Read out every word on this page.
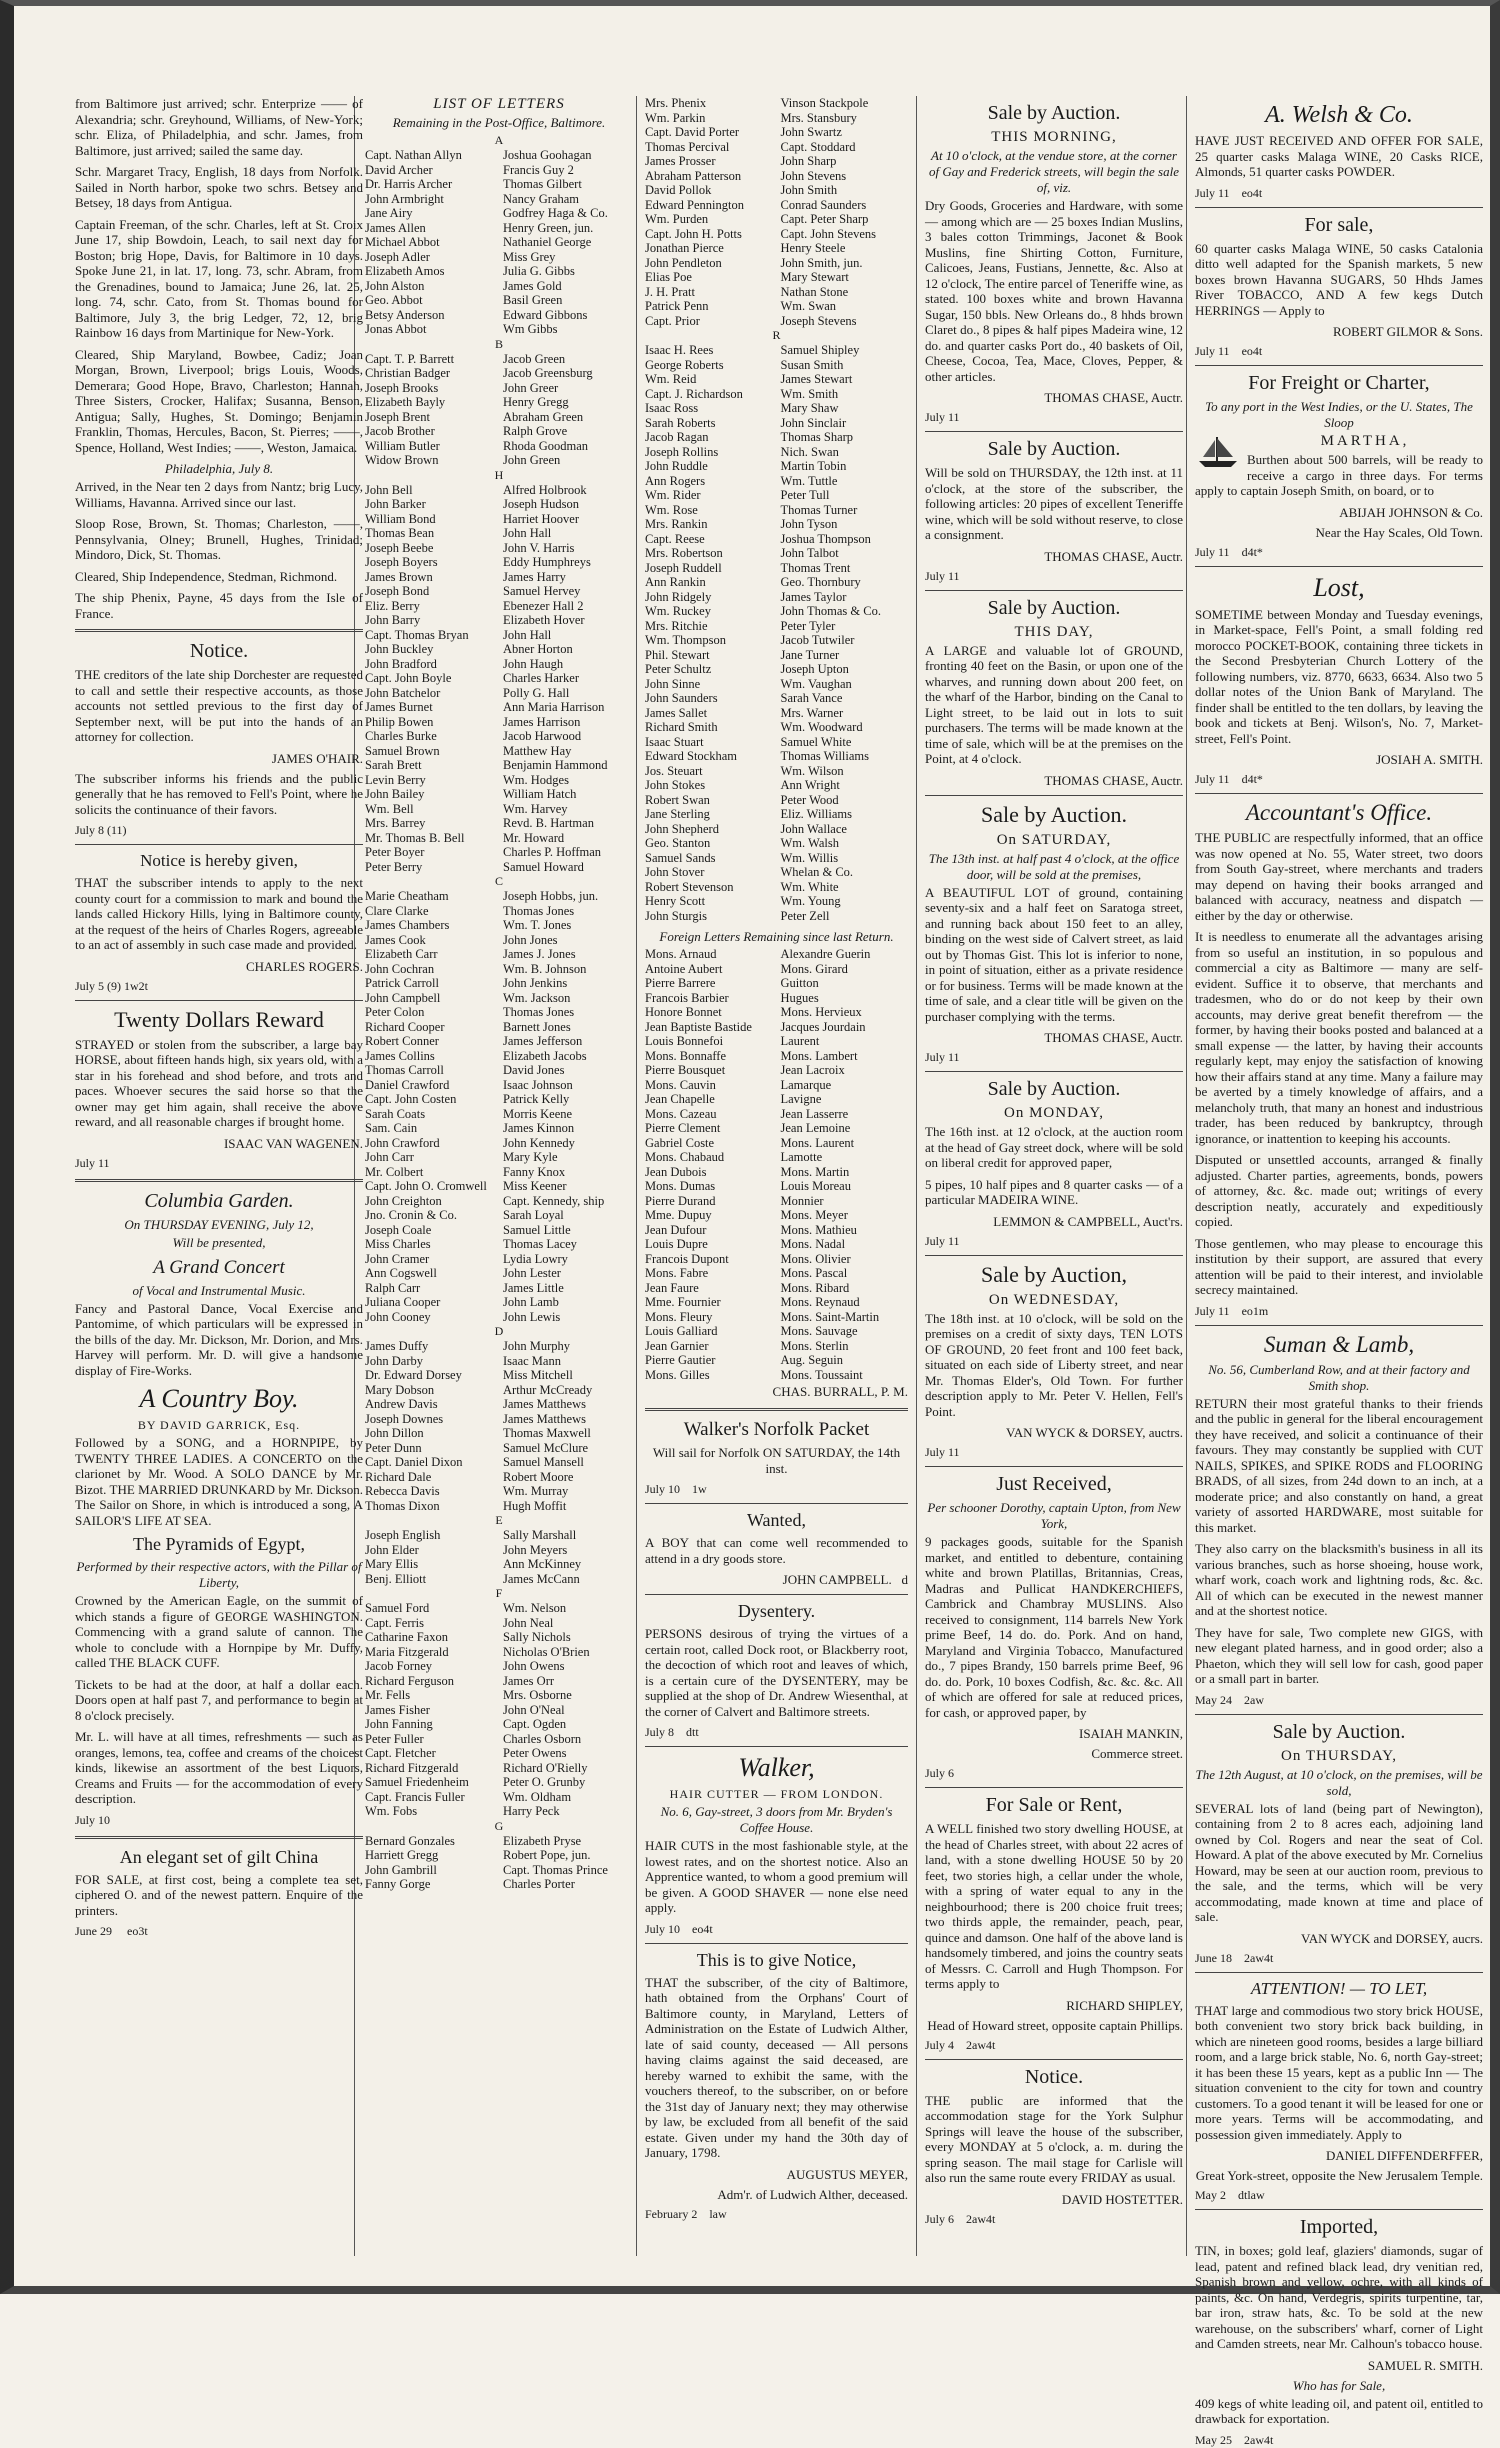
from Baltimore just arrived; schr. Enterprize —— of Alexandria; schr. Greyhound, Williams, of New-York; schr. Eliza, of Philadelphia, and schr. James, from Baltimore, just arrived; sailed the same day.

Schr. Margaret Tracy, English, 18 days from Norfolk. Sailed in North harbor, spoke two schrs. Betsey and Betsey, 18 days from Antigua.

Captain Freeman, of the schr. Charles, left at St. Croix June 17, ship Bowdoin, Leach, to sail next day for Boston; brig Hope, Davis, for Baltimore in 10 days. Spoke June 21, in lat. 17, long. 73, schr. Abram, from the Grenadines, bound to Jamaica; June 26, lat. 25, long. 74, schr. Cato, from St. Thomas bound for Baltimore, July 3, the brig Ledger, 72, 12, brig Rainbow 16 days from Martinique for New-York.

Cleared, Ship Maryland, Bowbee, Cadiz; Joan Morgan, Brown, Liverpool; brigs Louis, Woods, Demerara; Good Hope, Bravo, Charleston; Hannah, Three Sisters, Crocker, Halifax; Susanna, Benson, Antigua; Sally, Hughes, St. Domingo; Benjamin Franklin, Thomas, Hercules, Bacon, St. Pierres; ——, Spence, Holland, West Indies; ——, Weston, Jamaica.

Philadelphia, July 8.

Arrived, in the Near ten 2 days from Nantz; brig Lucy, Williams, Havanna. Arrived since our last.

Sloop Rose, Brown, St. Thomas; Charleston, ——, Pennsylvania, Olney; Brunell, Hughes, Trinidad; Mindoro, Dick, St. Thomas.

Cleared, Ship Independence, Stedman, Richmond.

The ship Phenix, Payne, 45 days from the Isle of France.

Notice.

THE creditors of the late ship Dorchester are requested to call and settle their respective accounts, as those accounts not settled previous to the first day of September next, will be put into the hands of an attorney for collection.

JAMES O'HAIR.

The subscriber informs his friends and the public generally that he has removed to Fell's Point, where he solicits the continuance of their favors.

July 8 (11)
Notice is hereby given,

THAT the subscriber intends to apply to the next county court for a commission to mark and bound the lands called Hickory Hills, lying in Baltimore county, at the request of the heirs of Charles Rogers, agreeable to an act of assembly in such case made and provided.

CHARLES ROGERS.
July 5 (9) 1w2t
Twenty Dollars Reward

STRAYED or stolen from the subscriber, a large bay HORSE, about fifteen hands high, six years old, with a star in his forehead and shod before, and trots and paces. Whoever secures the said horse so that the owner may get him again, shall receive the above reward, and all reasonable charges if brought home.

ISAAC VAN WAGENEN.
July 11
Columbia Garden.
On THURSDAY EVENING, July 12,
Will be presented,
A Grand Concert
of Vocal and Instrumental Music.

Fancy and Pastoral Dance, Vocal Exercise and Pantomime, of which particulars will be expressed in the bills of the day. Mr. Dickson, Mr. Dorion, and Mrs. Harvey will perform. Mr. D. will give a handsome display of Fire-Works.

A Country Boy.
BY DAVID GARRICK, Esq.

Followed by a SONG, and a HORNPIPE, by TWENTY THREE LADIES. A CONCERTO on the clarionet by Mr. Wood. A SOLO DANCE by Mr. Bizot. THE MARRIED DRUNKARD by Mr. Dickson. The Sailor on Shore, in which is introduced a song, A SAILOR'S LIFE AT SEA.

The Pyramids of Egypt,
Performed by their respective actors, with the Pillar of Liberty,

Crowned by the American Eagle, on the summit of which stands a figure of GEORGE WASHINGTON. Commencing with a grand salute of cannon. The whole to conclude with a Hornpipe by Mr. Duffy, called THE BLACK CUFF.

Tickets to be had at the door, at half a dollar each. Doors open at half past 7, and performance to begin at 8 o'clock precisely.

Mr. L. will have at all times, refreshments — such as oranges, lemons, tea, coffee and creams of the choicest kinds, likewise an assortment of the best Liquors, Creams and Fruits — for the accommodation of every description.

July 10
An elegant set of gilt China

FOR SALE, at first cost, being a complete tea set, ciphered O. and of the newest pattern. Enquire of the printers.

June 29 eo3t
LIST OF LETTERS
Remaining in the Post-Office, Baltimore.
A
Capt. Nathan Allyn	Joshua Goohagan
David Archer	Francis Guy 2
Dr. Harris Archer	Thomas Gilbert
John Armbright	Nancy Graham
Jane Airy	Godfrey Haga & Co.
James Allen	Henry Green, jun.
Michael Abbot	Nathaniel George
Joseph Adler	Miss Grey
Elizabeth Amos	Julia G. Gibbs
John Alston	James Gold
Geo. Abbot	Basil Green
Betsy Anderson	Edward Gibbons
Jonas Abbot	Wm Gibbs
B
Capt. T. P. Barrett	Jacob Green
Christian Badger	Jacob Greensburg
Joseph Brooks	John Greer
Elizabeth Bayly	Henry Gregg
Joseph Brent	Abraham Green
Jacob Brother	Ralph Grove
William Butler	Rhoda Goodman
Widow Brown	John Green
H
John Bell	Alfred Holbrook
John Barker	Joseph Hudson
William Bond	Harriet Hoover
Thomas Bean	John Hall
Joseph Beebe	John V. Harris
Joseph Boyers	Eddy Humphreys
James Brown	James Harry
Joseph Bond	Samuel Hervey
Eliz. Berry	Ebenezer Hall 2
John Barry	Elizabeth Hover
Capt. Thomas Bryan	John Hall
John Buckley	Abner Horton
John Bradford	John Haugh
Capt. John Boyle	Charles Harker
John Batchelor	Polly G. Hall
James Burnet	Ann Maria Harrison
Philip Bowen	James Harrison
Charles Burke	Jacob Harwood
Samuel Brown	Matthew Hay
Sarah Brett	Benjamin Hammond
Levin Berry	Wm. Hodges
John Bailey	William Hatch
Wm. Bell	Wm. Harvey
Mrs. Barrey	Revd. B. Hartman
Mr. Thomas B. Bell	Mr. Howard
Peter Boyer	Charles P. Hoffman
Peter Berry	Samuel Howard
C
Marie Cheatham	Joseph Hobbs, jun.
Clare Clarke	Thomas Jones
James Chambers	Wm. T. Jones
James Cook	John Jones
Elizabeth Carr	James J. Jones
John Cochran	Wm. B. Johnson
Patrick Carroll	John Jenkins
John Campbell	Wm. Jackson
Peter Colon	Thomas Jones
Richard Cooper	Barnett Jones
Robert Conner	James Jefferson
James Collins	Elizabeth Jacobs
Thomas Carroll	David Jones
Daniel Crawford	Isaac Johnson
Capt. John Costen	Patrick Kelly
Sarah Coats	Morris Keene
Sam. Cain	James Kinnon
John Crawford	John Kennedy
John Carr	Mary Kyle
Mr. Colbert	Fanny Knox
Capt. John O. Cromwell	Miss Keener
John Creighton	Capt. Kennedy, ship
Jno. Cronin & Co.	Sarah Loyal
Joseph Coale	Samuel Little
Miss Charles	Thomas Lacey
John Cramer	Lydia Lowry
Ann Cogswell	John Lester
Ralph Carr	James Little
Juliana Cooper	John Lamb
John Cooney	John Lewis
D
James Duffy	John Murphy
John Darby	Isaac Mann
Dr. Edward Dorsey	Miss Mitchell
Mary Dobson	Arthur McCready
Andrew Davis	James Matthews
Joseph Downes	James Matthews
John Dillon	Thomas Maxwell
Peter Dunn	Samuel McClure
Capt. Daniel Dixon	Samuel Mansell
Richard Dale	Robert Moore
Rebecca Davis	Wm. Murray
Thomas Dixon	Hugh Moffit
E
Joseph English	Sally Marshall
John Elder	John Meyers
Mary Ellis	Ann McKinney
Benj. Elliott	James McCann
F
Samuel Ford	Wm. Nelson
Capt. Ferris	John Neal
Catharine Faxon	Sally Nichols
Maria Fitzgerald	Nicholas O'Brien
Jacob Forney	John Owens
Richard Ferguson	James Orr
Mr. Fells	Mrs. Osborne
James Fisher	John O'Neal
John Fanning	Capt. Ogden
Peter Fuller	Charles Osborn
Capt. Fletcher	Peter Owens
Richard Fitzgerald	Richard O'Rielly
Samuel Friedenheim	Peter O. Grunby
Capt. Francis Fuller	Wm. Oldham
Wm. Fobs	Harry Peck
G
Bernard Gonzales	Elizabeth Pryse
Harriett Gregg	Robert Pope, jun.
John Gambrill	Capt. Thomas Prince
Fanny Gorge	Charles Porter
Mrs. Phenix	Vinson Stackpole
Wm. Parkin	Mrs. Stansbury
Capt. David Porter	John Swartz
Thomas Percival	Capt. Stoddard
James Prosser	John Sharp
Abraham Patterson	John Stevens
David Pollok	John Smith
Edward Pennington	Conrad Saunders
Wm. Purden	Capt. Peter Sharp
Capt. John H. Potts	Capt. John Stevens
Jonathan Pierce	Henry Steele
John Pendleton	John Smith, jun.
Elias Poe	Mary Stewart
J. H. Pratt	Nathan Stone
Patrick Penn	Wm. Swan
Capt. Prior	Joseph Stevens
R
Isaac H. Rees	Samuel Shipley
George Roberts	Susan Smith
Wm. Reid	James Stewart
Capt. J. Richardson	Wm. Smith
Isaac Ross	Mary Shaw
Sarah Roberts	John Sinclair
Jacob Ragan	Thomas Sharp
Joseph Rollins	Nich. Swan
John Ruddle	Martin Tobin
Ann Rogers	Wm. Tuttle
Wm. Rider	Peter Tull
Wm. Rose	Thomas Turner
Mrs. Rankin	John Tyson
Capt. Reese	Joshua Thompson
Mrs. Robertson	John Talbot
Joseph Ruddell	Thomas Trent
Ann Rankin	Geo. Thornbury
John Ridgely	James Taylor
Wm. Ruckey	John Thomas & Co.
Mrs. Ritchie	Peter Tyler
Wm. Thompson	Jacob Tutwiler
Phil. Stewart	Jane Turner
Peter Schultz	Joseph Upton
John Sinne	Wm. Vaughan
John Saunders	Sarah Vance
James Sallet	Mrs. Warner
Richard Smith	Wm. Woodward
Isaac Stuart	Samuel White
Edward Stockham	Thomas Williams
Jos. Steuart	Wm. Wilson
John Stokes	Ann Wright
Robert Swan	Peter Wood
Jane Sterling	Eliz. Williams
John Shepherd	John Wallace
Geo. Stanton	Wm. Walsh
Samuel Sands	Wm. Willis
John Stover	Whelan & Co.
Robert Stevenson	Wm. White
Henry Scott	Wm. Young
John Sturgis	Peter Zell
Foreign Letters Remaining since last Return.
Mons. Arnaud	Alexandre Guerin
Antoine Aubert	Mons. Girard
Pierre Barrere	Guitton
Francois Barbier	Hugues
Honore Bonnet	Mons. Hervieux
Jean Baptiste Bastide	Jacques Jourdain
Louis Bonnefoi	Laurent
Mons. Bonnaffe	Mons. Lambert
Pierre Bousquet	Jean Lacroix
Mons. Cauvin	Lamarque
Jean Chapelle	Lavigne
Mons. Cazeau	Jean Lasserre
Pierre Clement	Jean Lemoine
Gabriel Coste	Mons. Laurent
Mons. Chabaud	Lamotte
Jean Dubois	Mons. Martin
Mons. Dumas	Louis Moreau
Pierre Durand	Monnier
Mme. Dupuy	Mons. Meyer
Jean Dufour	Mons. Mathieu
Louis Dupre	Mons. Nadal
Francois Dupont	Mons. Olivier
Mons. Fabre	Mons. Pascal
Jean Faure	Mons. Ribard
Mme. Fournier	Mons. Reynaud
Mons. Fleury	Mons. Saint-Martin
Louis Galliard	Mons. Sauvage
Jean Garnier	Mons. Sterlin
Pierre Gautier	Aug. Seguin
Mons. Gilles	Mons. Toussaint
CHAS. BURRALL, P. M.
Walker's Norfolk Packet

Will sail for Norfolk ON SATURDAY, the 14th inst.

July 10 1w
Wanted,

A BOY that can come well recommended to attend in a dry goods store.

JOHN CAMPBELL. d
Dysentery.

PERSONS desirous of trying the virtues of a certain root, called Dock root, or Blackberry root, the decoction of which root and leaves of which, is a certain cure of the DYSENTERY, may be supplied at the shop of Dr. Andrew Wiesenthal, at the corner of Calvert and Baltimore streets.

July 8 dtt
Walker,
HAIR CUTTER — FROM LONDON.
No. 6, Gay-street, 3 doors from Mr. Bryden's Coffee House.

HAIR CUTS in the most fashionable style, at the lowest rates, and on the shortest notice. Also an Apprentice wanted, to whom a good premium will be given. A GOOD SHAVER — none else need apply.

July 10 eo4t
This is to give Notice,

THAT the subscriber, of the city of Baltimore, hath obtained from the Orphans' Court of Baltimore county, in Maryland, Letters of Administration on the Estate of Ludwich Alther, late of said county, deceased — All persons having claims against the said deceased, are hereby warned to exhibit the same, with the vouchers thereof, to the subscriber, on or before the 31st day of January next; they may otherwise by law, be excluded from all benefit of the said estate. Given under my hand the 30th day of January, 1798.

AUGUSTUS MEYER,
Adm'r. of Ludwich Alther, deceased.
February 2 law
Sale by Auction.
THIS MORNING,
At 10 o'clock, at the vendue store, at the corner of Gay and Frederick streets, will begin the sale of, viz.

Dry Goods, Groceries and Hardware, with some — among which are — 25 boxes Indian Muslins, 3 bales cotton Trimmings, Jaconet & Book Muslins, fine Shirting Cotton, Furniture, Calicoes, Jeans, Fustians, Jennette, &c. Also at 12 o'clock, The entire parcel of Teneriffe wine, as stated. 100 boxes white and brown Havanna Sugar, 150 bbls. New Orleans do., 8 hhds brown Claret do., 8 pipes & half pipes Madeira wine, 12 do. and quarter casks Port do., 40 baskets of Oil, Cheese, Cocoa, Tea, Mace, Cloves, Pepper, & other articles.

THOMAS CHASE, Auctr.
July 11
Sale by Auction.

Will be sold on THURSDAY, the 12th inst. at 11 o'clock, at the store of the subscriber, the following articles: 20 pipes of excellent Teneriffe wine, which will be sold without reserve, to close a consignment.

THOMAS CHASE, Auctr.
July 11
Sale by Auction.
THIS DAY,

A LARGE and valuable lot of GROUND, fronting 40 feet on the Basin, or upon one of the wharves, and running down about 200 feet, on the wharf of the Harbor, binding on the Canal to Light street, to be laid out in lots to suit purchasers. The terms will be made known at the time of sale, which will be at the premises on the Point, at 4 o'clock.

THOMAS CHASE, Auctr.
Sale by Auction.
On SATURDAY,
The 13th inst. at half past 4 o'clock, at the office door, will be sold at the premises,

A BEAUTIFUL LOT of ground, containing seventy-six and a half feet on Saratoga street, and running back about 150 feet to an alley, binding on the west side of Calvert street, as laid out by Thomas Gist. This lot is inferior to none, in point of situation, either as a private residence or for business. Terms will be made known at the time of sale, and a clear title will be given on the purchaser complying with the terms.

THOMAS CHASE, Auctr.
July 11
Sale by Auction.
On MONDAY,

The 16th inst. at 12 o'clock, at the auction room at the head of Gay street dock, where will be sold on liberal credit for approved paper,

5 pipes, 10 half pipes and 8 quarter casks — of a particular MADEIRA WINE.

LEMMON & CAMPBELL, Auct'rs.
July 11
Sale by Auction,
On WEDNESDAY,

The 18th inst. at 10 o'clock, will be sold on the premises on a credit of sixty days, TEN LOTS OF GROUND, 20 feet front and 100 feet back, situated on each side of Liberty street, and near Mr. Thomas Elder's, Old Town. For further description apply to Mr. Peter V. Hellen, Fell's Point.

VAN WYCK & DORSEY, auctrs.
July 11
Just Received,
Per schooner Dorothy, captain Upton, from New York,

9 packages goods, suitable for the Spanish market, and entitled to debenture, containing white and brown Platillas, Britannias, Creas, Madras and Pullicat HANDKERCHIEFS, Cambrick and Chambray MUSLINS. Also received to consignment, 114 barrels New York prime Beef, 14 do. do. Pork. And on hand, Maryland and Virginia Tobacco, Manufactured do., 7 pipes Brandy, 150 barrels prime Beef, 96 do. do. Pork, 10 boxes Codfish, &c. &c. &c. All of which are offered for sale at reduced prices, for cash, or approved paper, by

ISAIAH MANKIN,
Commerce street.
July 6
For Sale or Rent,

A WELL finished two story dwelling HOUSE, at the head of Charles street, with about 22 acres of land, with a stone dwelling HOUSE 50 by 20 feet, two stories high, a cellar under the whole, with a spring of water equal to any in the neighbourhood; there is 200 choice fruit trees; two thirds apple, the remainder, peach, pear, quince and damson. One half of the above land is handsomely timbered, and joins the country seats of Messrs. C. Carroll and Hugh Thompson. For terms apply to

RICHARD SHIPLEY,
Head of Howard street, opposite captain Phillips.
July 4 2aw4t
Notice.

THE public are informed that the accommodation stage for the York Sulphur Springs will leave the house of the subscriber, every MONDAY at 5 o'clock, a. m. during the spring season. The mail stage for Carlisle will also run the same route every FRIDAY as usual.

DAVID HOSTETTER.
July 6 2aw4t
A. Welsh & Co.

HAVE JUST RECEIVED AND OFFER FOR SALE, 25 quarter casks Malaga WINE, 20 Casks RICE, Almonds, 51 quarter casks POWDER.

July 11 eo4t
For sale,

60 quarter casks Malaga WINE, 50 casks Catalonia ditto well adapted for the Spanish markets, 5 new boxes brown Havanna SUGARS, 50 Hhds James River TOBACCO, AND A few kegs Dutch HERRINGS — Apply to

ROBERT GILMOR & Sons.
July 11 eo4t
For Freight or Charter,
To any port in the West Indies, or the U. States, The Sloop
MARTHA,

Burthen about 500 barrels, will be ready to receive a cargo in three days. For terms apply to captain Joseph Smith, on board, or to

ABIJAH JOHNSON & Co.
Near the Hay Scales, Old Town.
July 11 d4t*
Lost,

SOMETIME between Monday and Tuesday evenings, in Market-space, Fell's Point, a small folding red morocco POCKET-BOOK, containing three tickets in the Second Presbyterian Church Lottery of the following numbers, viz. 8770, 6633, 6634. Also two 5 dollar notes of the Union Bank of Maryland. The finder shall be entitled to the ten dollars, by leaving the book and tickets at Benj. Wilson's, No. 7, Market-street, Fell's Point.

JOSIAH A. SMITH.
July 11 d4t*
Accountant's Office.

THE PUBLIC are respectfully informed, that an office was now opened at No. 55, Water street, two doors from South Gay-street, where merchants and traders may depend on having their books arranged and balanced with accuracy, neatness and dispatch — either by the day or otherwise.

It is needless to enumerate all the advantages arising from so useful an institution, in so populous and commercial a city as Baltimore — many are self-evident. Suffice it to observe, that merchants and tradesmen, who do or do not keep by their own accounts, may derive great benefit therefrom — the former, by having their books posted and balanced at a small expense — the latter, by having their accounts regularly kept, may enjoy the satisfaction of knowing how their affairs stand at any time. Many a failure may be averted by a timely knowledge of affairs, and a melancholy truth, that many an honest and industrious trader, has been reduced by bankruptcy, through ignorance, or inattention to keeping his accounts.

Disputed or unsettled accounts, arranged & finally adjusted. Charter parties, agreements, bonds, powers of attorney, &c. &c. made out; writings of every description neatly, accurately and expeditiously copied.

Those gentlemen, who may please to encourage this institution by their support, are assured that every attention will be paid to their interest, and inviolable secrecy maintained.

July 11 eo1m
Suman & Lamb,
No. 56, Cumberland Row, and at their factory and Smith shop.

RETURN their most grateful thanks to their friends and the public in general for the liberal encouragement they have received, and solicit a continuance of their favours. They may constantly be supplied with CUT NAILS, SPIKES, and SPIKE RODS and FLOORING BRADS, of all sizes, from 24d down to an inch, at a moderate price; and also constantly on hand, a great variety of assorted HARDWARE, most suitable for this market.

They also carry on the blacksmith's business in all its various branches, such as horse shoeing, house work, wharf work, coach work and lightning rods, &c. &c. All of which can be executed in the newest manner and at the shortest notice.

They have for sale, Two complete new GIGS, with new elegant plated harness, and in good order; also a Phaeton, which they will sell low for cash, good paper or a small part in barter.

May 24 2aw
Sale by Auction.
On THURSDAY,
The 12th August, at 10 o'clock, on the premises, will be sold,

SEVERAL lots of land (being part of Newington), containing from 2 to 8 acres each, adjoining land owned by Col. Rogers and near the seat of Col. Howard. A plat of the above executed by Mr. Cornelius Howard, may be seen at our auction room, previous to the sale, and the terms, which will be very accommodating, made known at time and place of sale.

VAN WYCK and DORSEY, aucrs.
June 18 2aw4t
ATTENTION! — TO LET,

THAT large and commodious two story brick HOUSE, both convenient two story brick back building, in which are nineteen good rooms, besides a large billiard room, and a large brick stable, No. 6, north Gay-street; it has been these 15 years, kept as a public Inn — The situation convenient to the city for town and country customers. To a good tenant it will be leased for one or more years. Terms will be accommodating, and possession given immediately. Apply to

DANIEL DIFFENDERFFER,
Great York-street, opposite the New Jerusalem Temple.
May 2 dtlaw
Imported,

TIN, in boxes; gold leaf, glaziers' diamonds, sugar of lead, patent and refined black lead, dry venitian red, Spanish brown and yellow, ochre, with all kinds of paints, &c. On hand, Verdegris, spirits turpentine, tar, bar iron, straw hats, &c. To be sold at the new warehouse, on the subscribers' wharf, corner of Light and Camden streets, near Mr. Calhoun's tobacco house.

SAMUEL R. SMITH.
Who has for Sale,

409 kegs of white leading oil, and patent oil, entitled to drawback for exportation.

May 25 2aw4t
